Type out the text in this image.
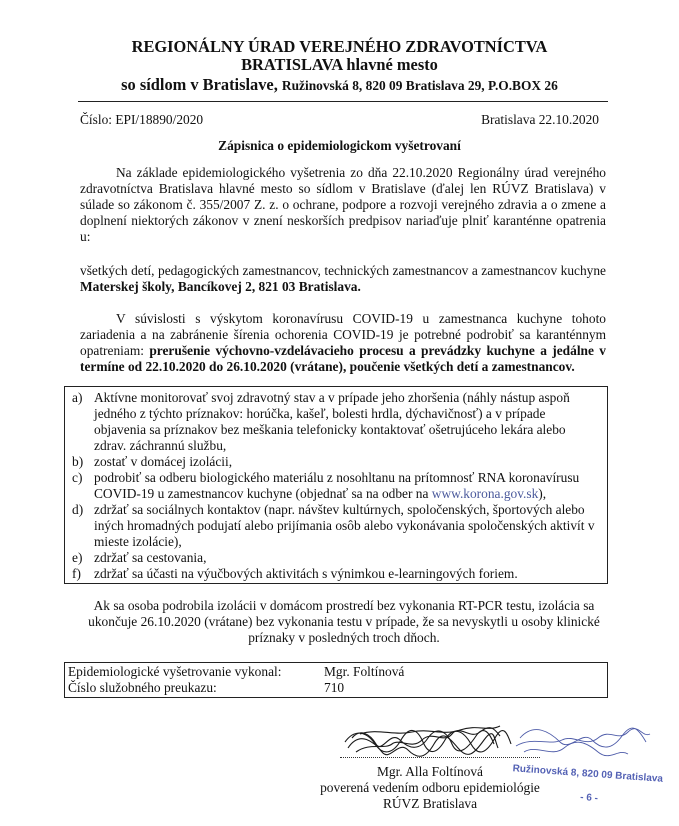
REGIONÁLNY ÚRAD VEREJNÉHO ZDRAVOTNÍCTVA
BRATISLAVA hlavné mesto
so sídlom v Bratislave, Ružinovská 8, 820 09 Bratislava 29, P.O.BOX 26
Číslo: EPI/18890/2020	Bratislava 22.10.2020
Zápisnica o epidemiologickom vyšetrovaní
Na základe epidemiologického vyšetrenia zo dňa 22.10.2020 Regionálny úrad verejného zdravotníctva Bratislava hlavné mesto so sídlom v Bratislave (ďalej len RÚVZ Bratislava) v súlade so zákonom č. 355/2007 Z. z. o ochrane, podpore a rozvoji verejného zdravia a o zmene a doplnení niektorých zákonov v znení neskorších predpisov nariaďuje plniť karanténne opatrenia u:
všetkých detí, pedagogických zamestnancov, technických zamestnancov a zamestnancov kuchyne Materskej školy, Bancíkovej 2, 821 03 Bratislava.
V súvislosti s výskytom koronavírusu COVID-19 u zamestnanca kuchyne tohoto zariadenia a na zabránenie šírenia ochorenia COVID-19 je potrebné podrobiť sa karanténnym opatreniam: prerušenie výchovno-vzdelávacieho procesu a prevádzky kuchyne a jedálne v termíne od 22.10.2020 do 26.10.2020 (vrátane), poučenie všetkých detí a zamestnancov.
a) Aktívne monitorovať svoj zdravotný stav a v prípade jeho zhoršenia (náhly nástup aspoň jedného z týchto príznakov: horúčka, kašeľ, bolesti hrdla, dýchavičnosť) a v prípade objavenia sa príznakov bez meškania telefonicky kontaktovať ošetrujúceho lekára alebo zdrav. záchrannú službu,
b) zostať v domácej izolácii,
c) podrobiť sa odberu biologického materiálu z nosohltanu na prítomnosť RNA koronavírusu COVID-19 u zamestnancov kuchyne (objednať sa na odber na www.korona.gov.sk),
d) zdržať sa sociálnych kontaktov (napr. návštev kultúrnych, spoločenských, športových alebo iných hromadných podujatí alebo prijímania osôb alebo vykonávania spoločenských aktivít v mieste izolácie),
e) zdržať sa cestovania,
f) zdržať sa účasti na výučbových aktivitách s výnimkou e-learningových foriem.
Ak sa osoba podrobila izolácii v domácom prostredí bez vykonania RT-PCR testu, izolácia sa ukončuje 26.10.2020 (vrátane) bez vykonania testu v prípade, že sa nevyskytli u osoby klinické príznaky v posledných troch dňoch.
Epidemiologické vyšetrovanie vykonal:	Mgr. Foltínová
Číslo služobného preukazu:	710
Ružinovská 8, 820 09 Bratislava
- 6 -
Mgr. Alla Foltínová
poverená vedením odboru epidemiológie
RÚVZ Bratislava
